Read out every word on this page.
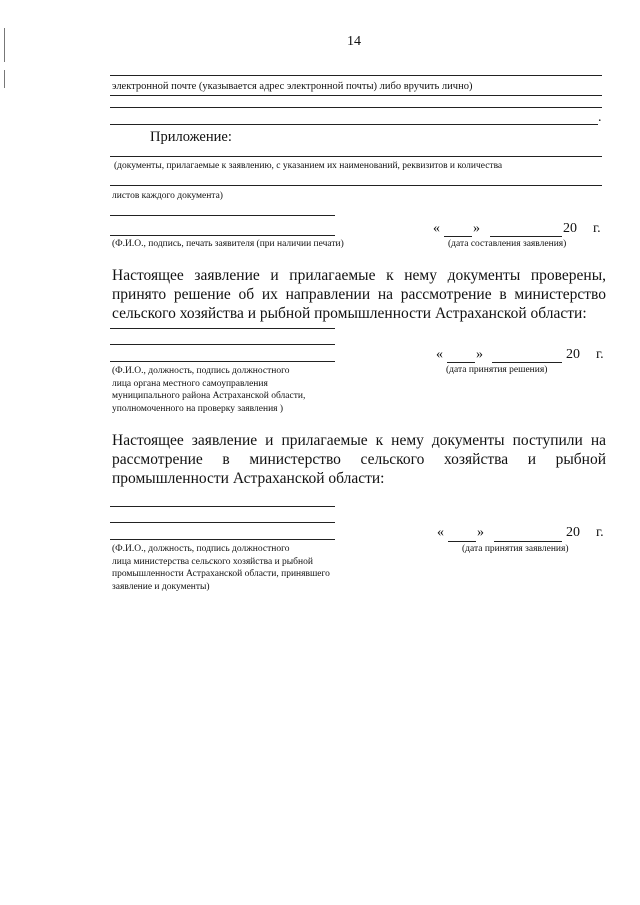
14
электронной почте (указывается адрес электронной почты) либо вручить лично)
.
Приложение:
(документы, прилагаемые к заявлению, с указанием их наименований, реквизитов и количества
листов каждого документа)
(Ф.И.О., подпись, печать заявителя (при наличии печати)
« »	20 г.
(дата составления заявления)
Настоящее заявление и прилагаемые к нему документы проверены, принято решение об их направлении на рассмотрение в министерство сельского хозяйства и рыбной промышленности Астраханской области:
(Ф.И.О., должность, подпись должностного
лица органа местного самоуправления
муниципального района Астраханской области,
уполномоченного на проверку заявления )
« »	20 г.
(дата принятия решения)
Настоящее заявление и прилагаемые к нему документы поступили на рассмотрение в министерство сельского хозяйства и рыбной промышленности Астраханской области:
(Ф.И.О., должность, подпись должностного
лица министерства сельского хозяйства и рыбной
промышленности Астраханской области, принявшего
заявление и документы)
« »	20 г.
(дата принятия заявления)
